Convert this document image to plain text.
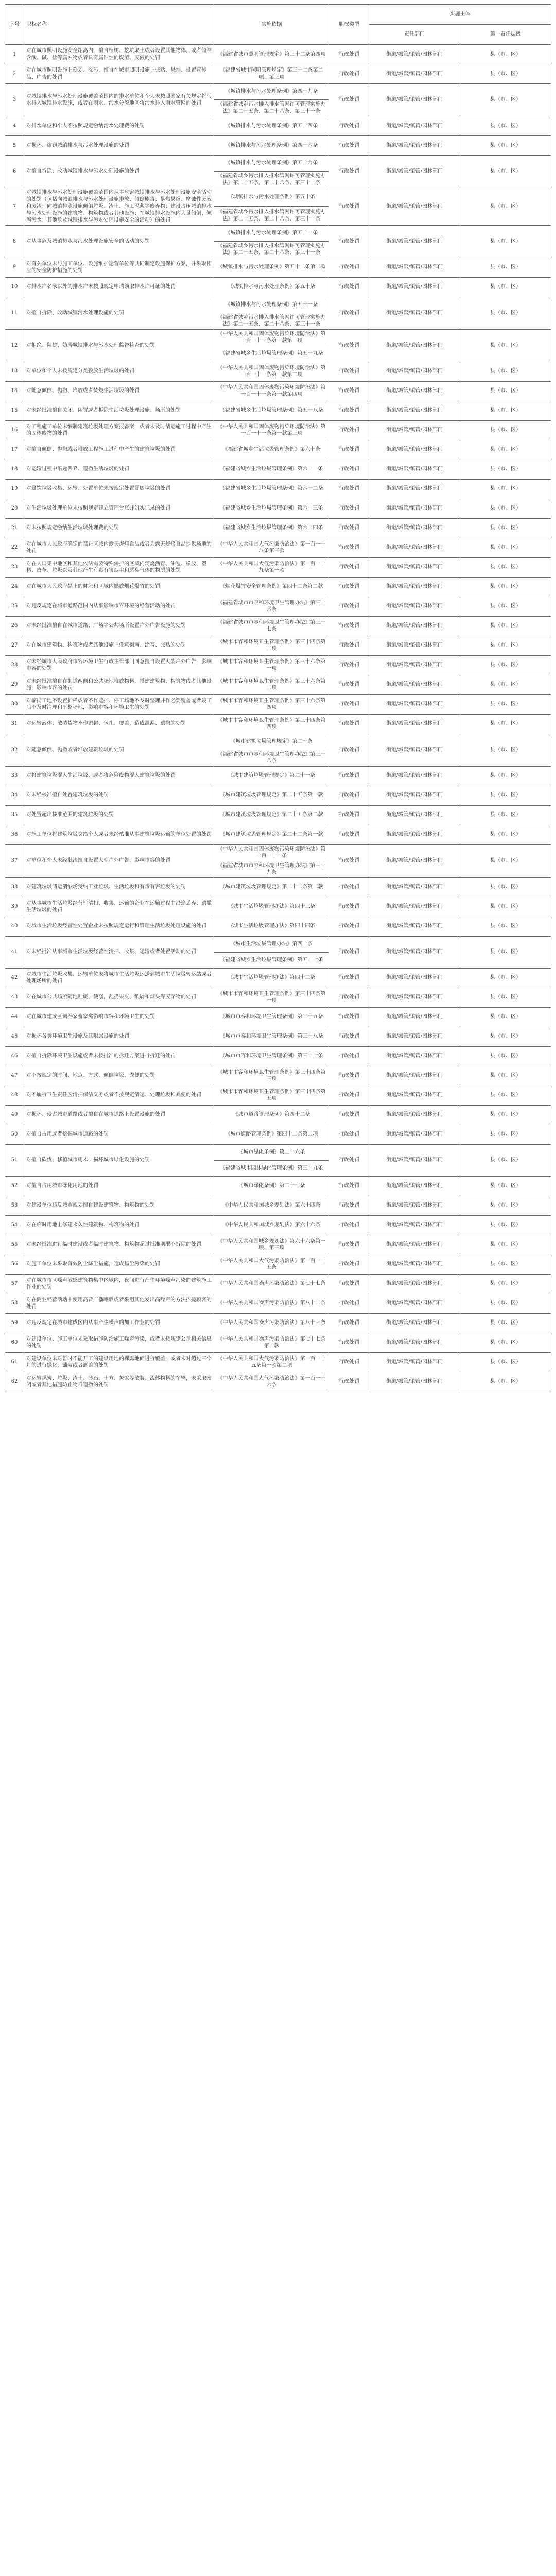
序号	职权名称	实施依据	职权类型	实施主体	
				责任部门	第一责任层级
1	对在城市照明设施安全距离内，擅自植树、挖坑取土或者设置其他物体，或者倾倒含酸、碱、盐等腐蚀物或者具有腐蚀性的废渣、废液的处罚	《福建省城市照明管理规定》第三十二条第四项	行政处罚	街道/城管/镇管/园林部门	县（市、区）
2	对在城市照明设施上刻划、涂污，擅自在城市照明设施上张贴、悬挂、设置宣传品、广告的处罚	《福建省城市照明管理规定》第三十二条第二项、第三项	行政处罚	街道/城管/镇管/园林部门	县（市、区）
3	对城镇排水与污水处理设施覆盖范围内的排水单位和个人未按照国家有关规定将污水排入城镇排水设施，或者在雨水、污水分流地区将污水排入雨水管网的处罚	《城镇排水与污水处理条例》第四十九条	行政处罚	街道/城管/镇管/园林部门	县（市、区）
		《福建省城乡污水排入排水管网许可管理实施办法》第二十五条、第二十八条、第三十一条			
4	对排水单位和个人不按照规定缴纳污水处理费的处罚	《城镇排水与污水处理条例》第五十四条	行政处罚	街道/城管/镇管/园林部门	县（市、区）
5	对损坏、盗窃城镇排水与污水处理设施的处罚	《城镇排水与污水处理条例》第四十六条	行政处罚	街道/城管/镇管/园林部门	县（市、区）
6	对擅自拆除、改动城镇排水与污水处理设施的处罚	《城镇排水与污水处理条例》第五十六条	行政处罚	街道/城管/镇管/园林部门	县（市、区）
		《福建省城乡污水排入排水管网许可管理实施办法》第二十五条、第二十八条、第三十一条			
7	对城镇排水与污水处理设施覆盖范围内从事危害城镇排水与污水处理设施安全活动的处罚（包括向城镇排水与污水处理设施排放、倾倒剧毒、易燃易爆、腐蚀性废液和废渣；向城镇排水设施倾倒垃圾、渣土、施工泥浆等废弃物；建设占压城镇排水与污水处理设施的建筑物、构筑物或者其他设施；在城镇排水设施内大量倾倒、倾泻污水；其他危及城镇排水与污水处理设施安全的活动）的处罚	《城镇排水与污水处理条例》第五十条	行政处罚	街道/城管/镇管/园林部门	县（市、区）
		《福建省城乡污水排入排水管网许可管理实施办法》第二十五条、第二十八条、第三十一条			
8	对从事危及城镇排水与污水处理设施安全的活动的处罚	《城镇排水与污水处理条例》第五十一条	行政处罚	街道/城管/镇管/园林部门	县（市、区）
		《福建省城乡污水排入排水管网许可管理实施办法》第二十五条、第二十八条、第三十一条			
9	对有关单位未与施工单位、设施维护运营单位等共同制定设施保护方案，并采取相应的安全防护措施的处罚	《城镇排水与污水处理条例》第五十二条第二款	行政处罚	街道/城管/镇管/园林部门	县（市、区）
10	对排水户名录以外的排水户未按照规定申请领取排水许可证的处罚	《城镇排水与污水处理条例》第五十条	行政处罚	街道/城管/镇管/园林部门	县（市、区）
11	对擅自拆除、改动城镇污水处理设施的处罚	《城镇排水与污水处理条例》第五十一条	行政处罚	街道/城管/镇管/园林部门	县（市、区）
		《福建省城乡污水排入排水管网许可管理实施办法》第二十五条、第二十八条、第三十一条			
12	对拒绝、阻挠、妨碍城镇排水与污水处理监督检查的处罚	《中华人民共和国固体废物污染环境防治法》第一百一十一条第一款第一项	行政处罚	街道/城管/镇管/园林部门	县（市、区）
		《福建省城乡生活垃圾管理条例》第五十九条			
13	对单位和个人未按规定分类投放生活垃圾的处罚	《中华人民共和国固体废物污染环境防治法》第一百一十一条第一款第二项	行政处罚	街道/城管/镇管/园林部门	县（市、区）
14	对随意倾倒、抛撒、堆放或者焚烧生活垃圾的处罚	《中华人民共和国固体废物污染环境防治法》第一百一十一条第一款第四项	行政处罚	街道/城管/镇管/园林部门	县（市、区）
15	对未经批准擅自关闭、闲置或者拆除生活垃圾处理设施、场所的处罚	《福建省城乡生活垃圾管理条例》第五十八条	行政处罚	街道/城管/镇管/园林部门	县（市、区）
16	对工程施工单位未编制建筑垃圾处理方案报备案，或者未及时清运施工过程中产生的固体废物的处罚	《中华人民共和国固体废物污染环境防治法》第一百一十一条第一款第三项	行政处罚	街道/城管/镇管/园林部门	县（市、区）
17	对擅自倾倒、抛撒或者堆放工程施工过程中产生的建筑垃圾的处罚	《福建省城乡生活垃圾管理条例》第六十条	行政处罚	街道/城管/镇管/园林部门	县（市、区）
18	对运输过程中沿途丢弃、遗撒生活垃圾的处罚	《福建省城乡生活垃圾管理条例》第六十一条	行政处罚	街道/城管/镇管/园林部门	县（市、区）
19	对餐饮垃圾收集、运输、处置单位未按规定处置餐厨垃圾的处罚	《福建省城乡生活垃圾管理条例》第六十二条	行政处罚	街道/城管/镇管/园林部门	县（市、区）
20	对生活垃圾处理单位未按照规定建立管理台账并如实记录的处罚	《福建省城乡生活垃圾管理条例》第六十三条	行政处罚	街道/城管/镇管/园林部门	县（市、区）
21	对未按照规定缴纳生活垃圾处理费的处罚	《福建省城乡生活垃圾管理条例》第六十四条	行政处罚	街道/城管/镇管/园林部门	县（市、区）
22	对在城市人民政府确定的禁止区域内露天烧烤食品或者为露天烧烤食品提供场地的处罚	《中华人民共和国大气污染防治法》第一百一十八条第三款	行政处罚	街道/城管/镇管/园林部门	县（市、区）
23	对在人口集中地区和其他依法需要特殊保护的区域内焚烧沥青、油毡、橡胶、塑料、皮革、垃圾以及其他产生有毒有害烟尘和恶臭气体的物质的处罚	《中华人民共和国大气污染防治法》第一百一十九条第一款	行政处罚	街道/城管/镇管/园林部门	县（市、区）
24	对在城市人民政府禁止的时段和区域内燃放烟花爆竹的处罚	《烟花爆竹安全管理条例》第四十二条第二款	行政处罚	街道/城管/镇管/园林部门	县（市、区）
25	对违反规定在城市道路范围内从事影响市容环境的经营活动的处罚	《福建省城市市容和环境卫生管理办法》第三十六条	行政处罚	街道/城管/镇管/园林部门	县（市、区）
26	对未经批准擅自在城市道路、广场等公共场所设置户外广告设施的处罚	《福建省城市市容和环境卫生管理办法》第三十七条	行政处罚	街道/城管/镇管/园林部门	县（市、区）
27	对在城市建筑物、构筑物或者其他设施上任意刻画、涂写、张贴的处罚	《城市市容和环境卫生管理条例》第三十四条第二项	行政处罚	街道/城管/镇管/园林部门	县（市、区）
28	对未经城市人民政府市容环境卫生行政主管部门同意擅自设置大型户外广告，影响市容的处罚	《城市市容和环境卫生管理条例》第三十六条第一项	行政处罚	街道/城管/镇管/园林部门	县（市、区）
29	对未经批准擅自在街道两侧和公共场地堆放物料，搭建建筑物、构筑物或者其他设施，影响市容的处罚	《城市市容和环境卫生管理条例》第三十六条第二项	行政处罚	街道/城管/镇管/园林部门	县（市、区）
30	对临街工地不设置护栏或者不作遮挡、停工场地不及时整理并作必要覆盖或者竣工后不及时清理和平整场地，影响市容和环境卫生的处罚	《城市市容和环境卫生管理条例》第三十六条第四项	行政处罚	街道/城管/镇管/园林部门	县（市、区）
31	对运输液体、散装货物不作密封、包扎、覆盖，造成泄漏、遗撒的处罚	《城市市容和环境卫生管理条例》第三十四条第四项	行政处罚	街道/城管/镇管/园林部门	县（市、区）
32	对随意倾倒、抛撒或者堆放建筑垃圾的处罚	《城市建筑垃圾管理规定》第二十条	行政处罚	街道/城管/镇管/园林部门	县（市、区）
		《福建省城市市容和环境卫生管理办法》第三十八条			
33	对将建筑垃圾混入生活垃圾，或者将危险废物混入建筑垃圾的处罚	《城市建筑垃圾管理规定》第二十一条	行政处罚	街道/城管/镇管/园林部门	县（市、区）
34	对未经核准擅自处置建筑垃圾的处罚	《城市建筑垃圾管理规定》第二十五条第一款	行政处罚	街道/城管/镇管/园林部门	县（市、区）
35	对处置超出核准范围的建筑垃圾的处罚	《城市建筑垃圾管理规定》第二十五条第二款	行政处罚	街道/城管/镇管/园林部门	县（市、区）
36	对施工单位将建筑垃圾交给个人或者未经核准从事建筑垃圾运输的单位处置的处罚	《城市建筑垃圾管理规定》第二十二条第一款	行政处罚	街道/城管/镇管/园林部门	县（市、区）
37	对单位和个人未经批准擅自设置大型户外广告，影响市容的处罚	《中华人民共和国固体废物污染环境防治法》第一百一十一条	行政处罚	街道/城管/镇管/园林部门	县（市、区）
		《福建省城市市容和环境卫生管理办法》第三十九条			
38	对建筑垃圾储运消纳场受纳工业垃圾、生活垃圾和有毒有害垃圾的处罚	《城市建筑垃圾管理规定》第二十二条第二款	行政处罚	街道/城管/镇管/园林部门	县（市、区）
39	对从事城市生活垃圾经营性清扫、收集、运输的企业在运输过程中沿途丢弃、遗撒生活垃圾的处罚	《城市生活垃圾管理办法》第四十三条	行政处罚	街道/城管/镇管/园林部门	县（市、区）
40	对城市生活垃圾经营性处置企业未按照规定运行和管理生活垃圾处理设施的处罚	《城市生活垃圾管理办法》第四十四条	行政处罚	街道/城管/镇管/园林部门	县（市、区）
41	对未经批准从事城市生活垃圾经营性清扫、收集、运输或者处置活动的处罚	《城市生活垃圾管理办法》第四十条	行政处罚	街道/城管/镇管/园林部门	县（市、区）
		《福建省城乡生活垃圾管理条例》第五十七条			
42	对城市生活垃圾收集、运输单位未将城市生活垃圾运送到城市生活垃圾转运站或者处理场所的处罚	《城市生活垃圾管理办法》第四十二条	行政处罚	街道/城管/镇管/园林部门	县（市、区）
43	对在城市公共场所随地吐痰、便溺，乱扔果皮、纸屑和烟头等废弃物的处罚	《城市市容和环境卫生管理条例》第三十四条第一项	行政处罚	街道/城管/镇管/园林部门	县（市、区）
44	对在城市建成区饲养家畜家禽影响市容和环境卫生的处罚	《城市市容和环境卫生管理条例》第三十五条	行政处罚	街道/城管/镇管/园林部门	县（市、区）
45	对损坏各类环境卫生设施及其附属设施的处罚	《城市市容和环境卫生管理条例》第三十八条	行政处罚	街道/城管/镇管/园林部门	县（市、区）
46	对擅自拆除环境卫生设施或者未按批准的拆迁方案进行拆迁的处罚	《城市市容和环境卫生管理条例》第三十七条	行政处罚	街道/城管/镇管/园林部门	县（市、区）
47	对不按规定的时间、地点、方式，倾倒垃圾、粪便的处罚	《城市市容和环境卫生管理条例》第三十四条第三项	行政处罚	街道/城管/镇管/园林部门	县（市、区）
48	对不履行卫生责任区清扫保洁义务或者不按规定清运、处理垃圾和粪便的处罚	《城市市容和环境卫生管理条例》第三十四条第五项	行政处罚	街道/城管/镇管/园林部门	县（市、区）
49	对损坏、侵占城市道路或者擅自在城市道路上设置设施的处罚	《城市道路管理条例》第四十二条	行政处罚	街道/城管/镇管/园林部门	县（市、区）
50	对擅自占用或者挖掘城市道路的处罚	《城市道路管理条例》第四十二条第二项	行政处罚	街道/城管/镇管/园林部门	县（市、区）
51	对擅自砍伐、移植城市树木，损坏城市绿化设施的处罚	《城市绿化条例》第二十六条	行政处罚	街道/城管/镇管/园林部门	县（市、区）
		《福建省城市园林绿化管理条例》第三十九条			
52	对擅自占用城市绿化用地的处罚	《城市绿化条例》第二十七条	行政处罚	街道/城管/镇管/园林部门	县（市、区）
53	对建设单位违反城市规划擅自建设建筑物、构筑物的处罚	《中华人民共和国城乡规划法》第六十四条	行政处罚	街道/城管/镇管/园林部门	县（市、区）
54	对在临时用地上修建永久性建筑物、构筑物的处罚	《中华人民共和国城乡规划法》第六十六条	行政处罚	街道/城管/镇管/园林部门	县（市、区）
55	对未经批准进行临时建设或者临时建筑物、构筑物超过批准期限不拆除的处罚	《中华人民共和国城乡规划法》第六十六条第一项、第三项	行政处罚	街道/城管/镇管/园林部门	县（市、区）
56	对施工单位未采取有效防尘降尘措施，造成扬尘污染的处罚	《中华人民共和国大气污染防治法》第一百一十五条	行政处罚	街道/城管/镇管/园林部门	县（市、区）
57	对在城市市区噪声敏感建筑物集中区域内，夜间进行产生环境噪声污染的建筑施工作业的处罚	《中华人民共和国噪声污染防治法》第七十七条	行政处罚	街道/城管/镇管/园林部门	县（市、区）
58	对在商业经营活动中使用高音广播喇叭或者采用其他发出高噪声的方法招揽顾客的处罚	《中华人民共和国噪声污染防治法》第八十二条	行政处罚	街道/城管/镇管/园林部门	县（市、区）
59	对违反规定在城市建成区内从事产生噪声的加工作业的处罚	《中华人民共和国噪声污染防治法》第八十三条	行政处罚	街道/城管/镇管/园林部门	县（市、区）
60	对建设单位、施工单位未采取措施防治施工噪声污染，或者未按规定公示相关信息的处罚	《中华人民共和国噪声污染防治法》第七十七条第一款	行政处罚	街道/城管/镇管/园林部门	县（市、区）
61	对建设单位未对暂时不能开工的建设用地的裸露地面进行覆盖，或者未对超过三个月的进行绿化、铺装或者遮盖的处罚	《中华人民共和国大气污染防治法》第一百一十五条第一款第二项	行政处罚	街道/城管/镇管/园林部门	县（市、区）
62	对运输煤炭、垃圾、渣土、砂石、土方、灰浆等散装、流体物料的车辆，未采取密闭或者其他措施防止物料遗撒的处罚	《中华人民共和国大气污染防治法》第一百一十六条	行政处罚	街道/城管/镇管/园林部门	县（市、区）
